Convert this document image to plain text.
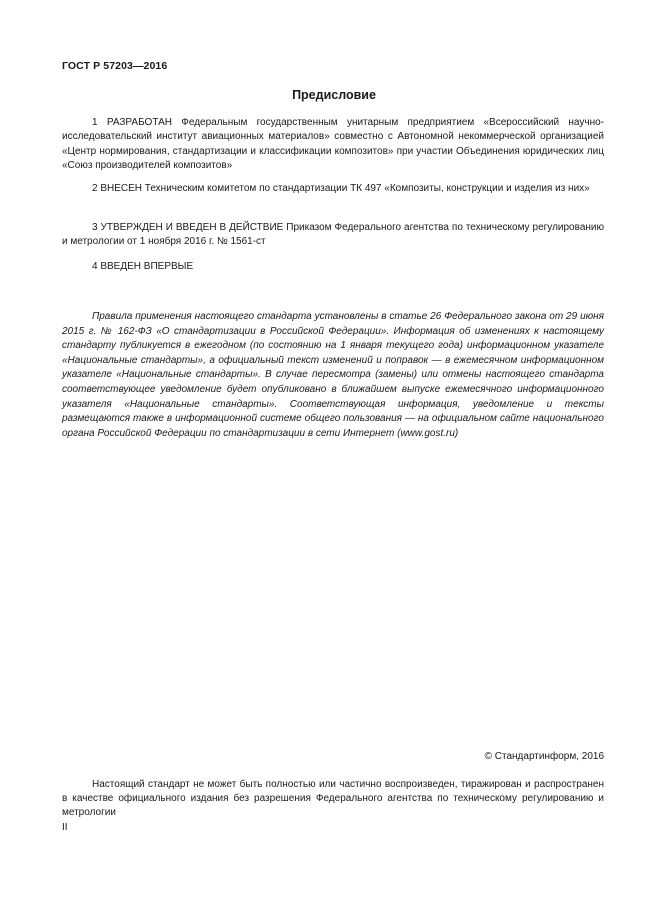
ГОСТ Р 57203—2016
Предисловие

1 РАЗРАБОТАН Федеральным государственным унитарным предприятием «Всероссийский научно-исследовательский институт авиационных материалов» совместно с Автономной некоммерческой организацией «Центр нормирования, стандартизации и классификации композитов» при участии Объединения юридических лиц «Союз производителей композитов»

2 ВНЕСЕН Техническим комитетом по стандартизации ТК 497 «Композиты, конструкции и изделия из них»

3 УТВЕРЖДЕН И ВВЕДЕН В ДЕЙСТВИЕ Приказом Федерального агентства по техническому регулированию и метрологии от 1 ноября 2016 г. № 1561-ст

4 ВВЕДЕН ВПЕРВЫЕ

Правила применения настоящего стандарта установлены в статье 26 Федерального закона от 29 июня 2015 г. № 162-ФЗ «О стандартизации в Российской Федерации». Информация об изменениях к настоящему стандарту публикуется в ежегодном (по состоянию на 1 января текущего года) информационном указателе «Национальные стандарты», а официальный текст изменений и поправок — в ежемесячном информационном указателе «Национальные стандарты». В случае пересмотра (замены) или отмены настоящего стандарта соответствующее уведомление будет опубликовано в ближайшем выпуске ежемесячного информационного указателя «Национальные стандарты». Соответствующая информация, уведомление и тексты размещаются также в информационной системе общего пользования — на официальном сайте национального органа Российской Федерации по стандартизации в сети Интернет (www.gost.ru)

© Стандартинформ, 2016

Настоящий стандарт не может быть полностью или частично воспроизведен, тиражирован и распространен в качестве официального издания без разрешения Федерального агентства по техническому регулированию и метрологии

II
